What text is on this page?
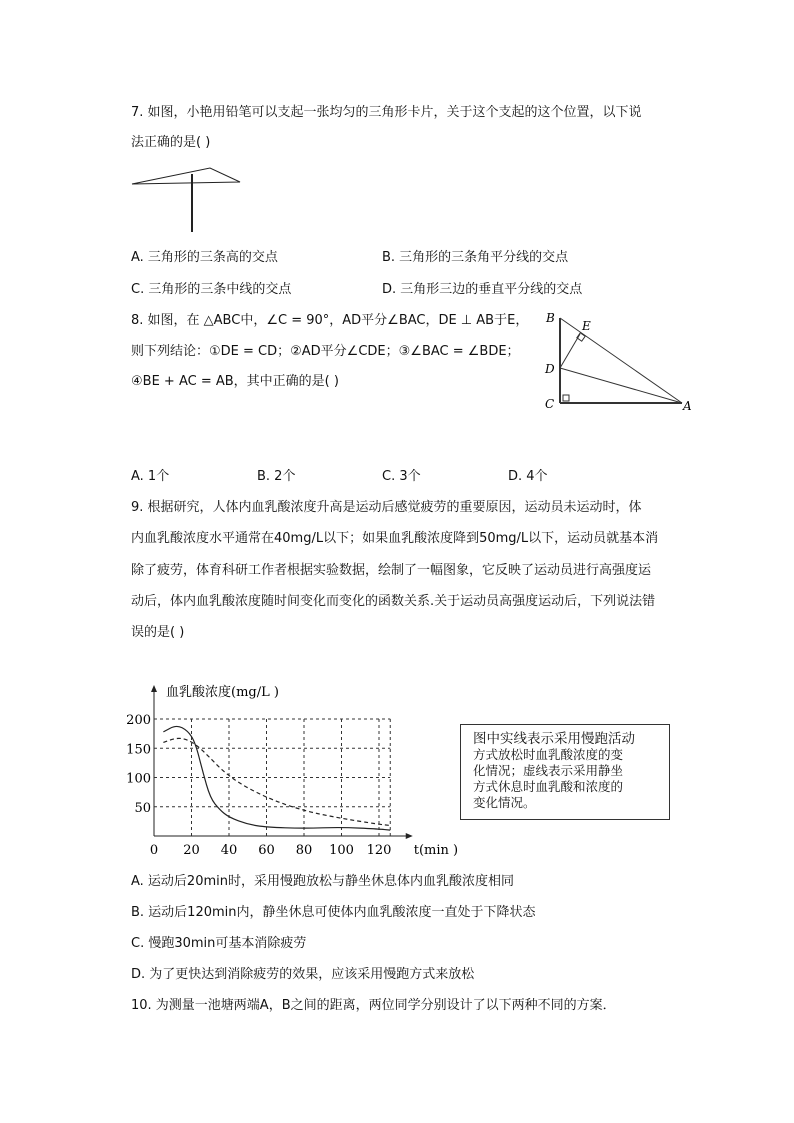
7. 如图，小艳用铅笔可以支起一张均匀的三角形卡片，关于这个支起的这个位置，以下说
法正确的是( )
A. 三角形的三条高的交点	B. 三角形的三条角平分线的交点
C. 三角形的三条中线的交点	D. 三角形三边的垂直平分线的交点
8. 如图，在 △ABC中，∠C = 90°，AD平分∠BAC，DE ⊥ AB于E，
则下列结论：①DE = CD；②AD平分∠CDE；③∠BAC = ∠BDE；
④BE + AC = AB，其中正确的是( )
B
E
D
C	A
A. 1个	B. 2个	C. 3个	D. 4个
9. 根据研究，人体内血乳酸浓度升高是运动后感觉疲劳的重要原因，运动员未运动时，体
内血乳酸浓度水平通常在40mg/L以下；如果血乳酸浓度降到50mg/L以下，运动员就基本消
除了疲劳，体育科研工作者根据实验数据，绘制了一幅图象，它反映了运动员进行高强度运
动后，体内血乳酸浓度随时间变化而变化的函数关系.关于运动员高强度运动后，下列说法错
误的是( )
0 20 40 60 80 100 120
50
100
150
200
血乳酸浓度(mg/L )
t(min )
图中实线表示采用慢跑活动
方式放松时血乳酸浓度的变
化情况；虚线表示采用静坐
方式休息时血乳酸和浓度的
变化情况。
A. 运动后20min时，采用慢跑放松与静坐休息体内血乳酸浓度相同
B. 运动后120min内，静坐休息可使体内血乳酸浓度一直处于下降状态
C. 慢跑30min可基本消除疲劳
D. 为了更快达到消除疲劳的效果，应该采用慢跑方式来放松
10. 为测量一池塘两端A，B之间的距离，两位同学分别设计了以下两种不同的方案．
